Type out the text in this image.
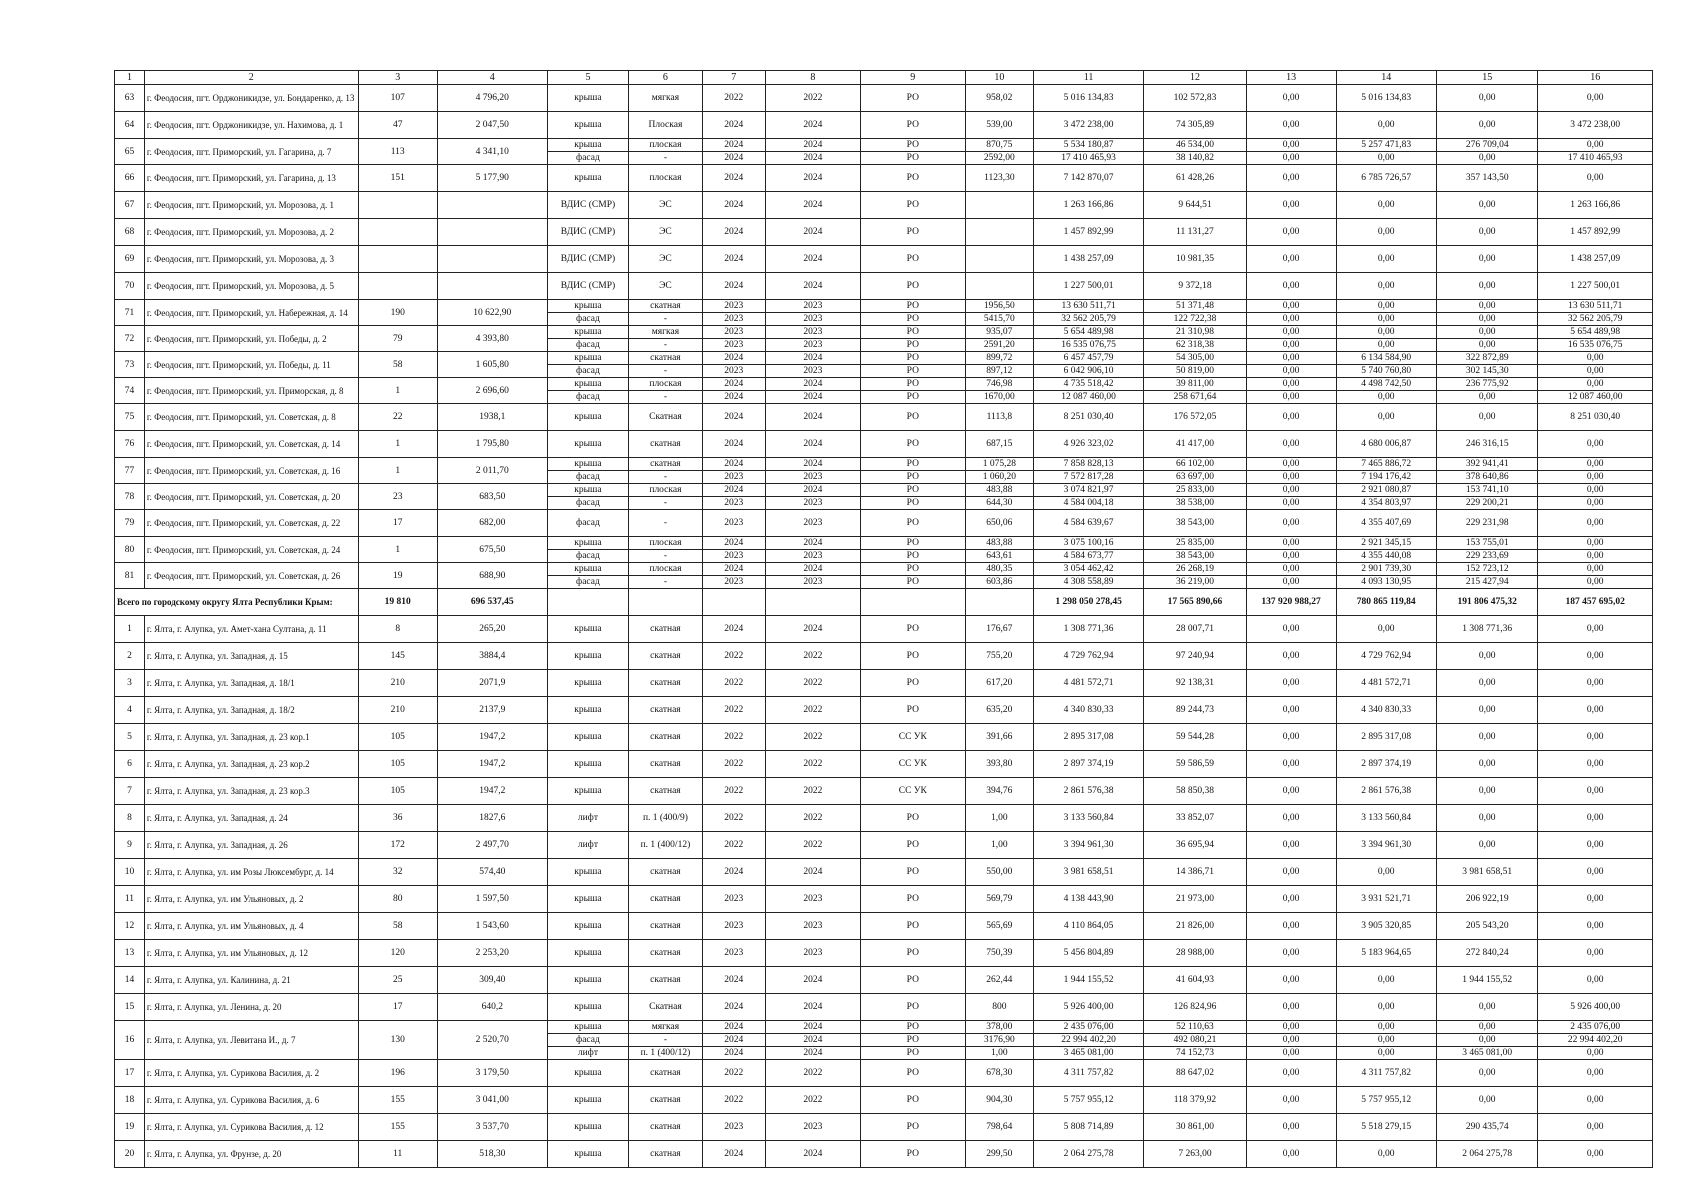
1	2	3	4	5	6	7	8	9	10	11	12	13	14	15	16
63	г. Феодосия, пгт. Орджоникидзе, ул. Бондаренко, д. 13	107	4 796,20	крыша	мягкая	2022	2022	РО	958,02	5 016 134,83	102 572,83	0,00	5 016 134,83	0,00	0,00
64	г. Феодосия, пгт. Орджоникидзе, ул. Нахимова, д. 1	47	2 047,50	крыша	Плоская	2024	2024	РО	539,00	3 472 238,00	74 305,89	0,00	0,00	0,00	3 472 238,00
65	г. Феодосия, пгт. Приморский, ул. Гагарина, д. 7	113	4 341,10	крыша	плоская	2024	2024	РО	870,75	5 534 180,87	46 534,00	0,00	5 257 471,83	276 709,04	0,00
				фасад	-	2024	2024	РО	2592,00	17 410 465,93	38 140,82	0,00	0,00	0,00	17 410 465,93
66	г. Феодосия, пгт. Приморский, ул. Гагарина, д. 13	151	5 177,90	крыша	плоская	2024	2024	РО	1123,30	7 142 870,07	61 428,26	0,00	6 785 726,57	357 143,50	0,00
67	г. Феодосия, пгт. Приморский, ул. Морозова, д. 1			ВДИС (СМР)	ЭС	2024	2024	РО		1 263 166,86	9 644,51	0,00	0,00	0,00	1 263 166,86
68	г. Феодосия, пгт. Приморский, ул. Морозова, д. 2			ВДИС (СМР)	ЭС	2024	2024	РО		1 457 892,99	11 131,27	0,00	0,00	0,00	1 457 892,99
69	г. Феодосия, пгт. Приморский, ул. Морозова, д. 3			ВДИС (СМР)	ЭС	2024	2024	РО		1 438 257,09	10 981,35	0,00	0,00	0,00	1 438 257,09
70	г. Феодосия, пгт. Приморский, ул. Морозова, д. 5			ВДИС (СМР)	ЭС	2024	2024	РО		1 227 500,01	9 372,18	0,00	0,00	0,00	1 227 500,01
71	г. Феодосия, пгт. Приморский, ул. Набережная, д. 14	190	10 622,90	крыша	скатная	2023	2023	РО	1956,50	13 630 511,71	51 371,48	0,00	0,00	0,00	13 630 511,71
				фасад	-	2023	2023	РО	5415,70	32 562 205,79	122 722,38	0,00	0,00	0,00	32 562 205,79
72	г. Феодосия, пгт. Приморский, ул. Победы, д. 2	79	4 393,80	крыша	мягкая	2023	2023	РО	935,07	5 654 489,98	21 310,98	0,00	0,00	0,00	5 654 489,98
				фасад	-	2023	2023	РО	2591,20	16 535 076,75	62 318,38	0,00	0,00	0,00	16 535 076,75
73	г. Феодосия, пгт. Приморский, ул. Победы, д. 11	58	1 605,80	крыша	скатная	2024	2024	РО	899,72	6 457 457,79	54 305,00	0,00	6 134 584,90	322 872,89	0,00
				фасад	-	2023	2023	РО	897,12	6 042 906,10	50 819,00	0,00	5 740 760,80	302 145,30	0,00
74	г. Феодосия, пгт. Приморский, ул. Приморская, д. 8	1	2 696,60	крыша	плоская	2024	2024	РО	746,98	4 735 518,42	39 811,00	0,00	4 498 742,50	236 775,92	0,00
				фасад	-	2024	2024	РО	1670,00	12 087 460,00	258 671,64	0,00	0,00	0,00	12 087 460,00
75	г. Феодосия, пгт. Приморский, ул. Советская, д. 8	22	1938,1	крыша	Скатная	2024	2024	РО	1113,8	8 251 030,40	176 572,05	0,00	0,00	0,00	8 251 030,40
76	г. Феодосия, пгт. Приморский, ул. Советская, д. 14	1	1 795,80	крыша	скатная	2024	2024	РО	687,15	4 926 323,02	41 417,00	0,00	4 680 006,87	246 316,15	0,00
77	г. Феодосия, пгт. Приморский, ул. Советская, д. 16	1	2 011,70	крыша	скатная	2024	2024	РО	1 075,28	7 858 828,13	66 102,00	0,00	7 465 886,72	392 941,41	0,00
				фасад	-	2023	2023	РО	1 060,20	7 572 817,28	63 697,00	0,00	7 194 176,42	378 640,86	0,00
78	г. Феодосия, пгт. Приморский, ул. Советская, д. 20	23	683,50	крыша	плоская	2024	2024	РО	483,88	3 074 821,97	25 833,00	0,00	2 921 080,87	153 741,10	0,00
				фасад	-	2023	2023	РО	644,30	4 584 004,18	38 538,00	0,00	4 354 803,97	229 200,21	0,00
79	г. Феодосия, пгт. Приморский, ул. Советская, д. 22	17	682,00	фасад	-	2023	2023	РО	650,06	4 584 639,67	38 543,00	0,00	4 355 407,69	229 231,98	0,00
80	г. Феодосия, пгт. Приморский, ул. Советская, д. 24	1	675,50	крыша	плоская	2024	2024	РО	483,88	3 075 100,16	25 835,00	0,00	2 921 345,15	153 755,01	0,00
				фасад	-	2023	2023	РО	643,61	4 584 673,77	38 543,00	0,00	4 355 440,08	229 233,69	0,00
81	г. Феодосия, пгт. Приморский, ул. Советская, д. 26	19	688,90	крыша	плоская	2024	2024	РО	480,35	3 054 462,42	26 268,19	0,00	2 901 739,30	152 723,12	0,00
				фасад	-	2023	2023	РО	603,86	4 308 558,89	36 219,00	0,00	4 093 130,95	215 427,94	0,00
Всего по городскому округу Ялта Республики Крым:		19 810	696 537,45							1 298 050 278,45	17 565 890,66	137 920 988,27	780 865 119,84	191 806 475,32	187 457 695,02
1	г. Ялта, г. Алупка, ул. Амет-хана Султана, д. 11	8	265,20	крыша	скатная	2024	2024	РО	176,67	1 308 771,36	28 007,71	0,00	0,00	1 308 771,36	0,00
2	г. Ялта, г. Алупка, ул. Западная, д. 15	145	3884,4	крыша	скатная	2022	2022	РО	755,20	4 729 762,94	97 240,94	0,00	4 729 762,94	0,00	0,00
3	г. Ялта, г. Алупка, ул. Западная, д. 18/1	210	2071,9	крыша	скатная	2022	2022	РО	617,20	4 481 572,71	92 138,31	0,00	4 481 572,71	0,00	0,00
4	г. Ялта, г. Алупка, ул. Западная, д. 18/2	210	2137,9	крыша	скатная	2022	2022	РО	635,20	4 340 830,33	89 244,73	0,00	4 340 830,33	0,00	0,00
5	г. Ялта, г. Алупка, ул. Западная, д. 23 кор.1	105	1947,2	крыша	скатная	2022	2022	СС УК	391,66	2 895 317,08	59 544,28	0,00	2 895 317,08	0,00	0,00
6	г. Ялта, г. Алупка, ул. Западная, д. 23 кор.2	105	1947,2	крыша	скатная	2022	2022	СС УК	393,80	2 897 374,19	59 586,59	0,00	2 897 374,19	0,00	0,00
7	г. Ялта, г. Алупка, ул. Западная, д. 23 кор.3	105	1947,2	крыша	скатная	2022	2022	СС УК	394,76	2 861 576,38	58 850,38	0,00	2 861 576,38	0,00	0,00
8	г. Ялта, г. Алупка, ул. Западная, д. 24	36	1827,6	лифт	п. 1 (400/9)	2022	2022	РО	1,00	3 133 560,84	33 852,07	0,00	3 133 560,84	0,00	0,00
9	г. Ялта, г. Алупка, ул. Западная, д. 26	172	2 497,70	лифт	п. 1 (400/12)	2022	2022	РО	1,00	3 394 961,30	36 695,94	0,00	3 394 961,30	0,00	0,00
10	г. Ялта, г. Алупка, ул. им Розы Люксембург, д. 14	32	574,40	крыша	скатная	2024	2024	РО	550,00	3 981 658,51	14 386,71	0,00	0,00	3 981 658,51	0,00
11	г. Ялта, г. Алупка, ул. им Ульяновых, д. 2	80	1 597,50	крыша	скатная	2023	2023	РО	569,79	4 138 443,90	21 973,00	0,00	3 931 521,71	206 922,19	0,00
12	г. Ялта, г. Алупка, ул. им Ульяновых, д. 4	58	1 543,60	крыша	скатная	2023	2023	РО	565,69	4 110 864,05	21 826,00	0,00	3 905 320,85	205 543,20	0,00
13	г. Ялта, г. Алупка, ул. им Ульяновых, д. 12	120	2 253,20	крыша	скатная	2023	2023	РО	750,39	5 456 804,89	28 988,00	0,00	5 183 964,65	272 840,24	0,00
14	г. Ялта, г. Алупка, ул. Калинина, д. 21	25	309,40	крыша	скатная	2024	2024	РО	262,44	1 944 155,52	41 604,93	0,00	0,00	1 944 155,52	0,00
15	г. Ялта, г. Алупка, ул. Ленина, д. 20	17	640,2	крыша	Скатная	2024	2024	РО	800	5 926 400,00	126 824,96	0,00	0,00	0,00	5 926 400,00
16	г. Ялта, г. Алупка, ул. Левитана И., д. 7	130	2 520,70	крыша	мягкая	2024	2024	РО	378,00	2 435 076,00	52 110,63	0,00	0,00	0,00	2 435 076,00
				фасад	-	2024	2024	РО	3176,90	22 994 402,20	492 080,21	0,00	0,00	0,00	22 994 402,20
				лифт	п. 1 (400/12)	2024	2024	РО	1,00	3 465 081,00	74 152,73	0,00	0,00	3 465 081,00	0,00
17	г. Ялта, г. Алупка, ул. Сурикова Василия, д. 2	196	3 179,50	крыша	скатная	2022	2022	РО	678,30	4 311 757,82	88 647,02	0,00	4 311 757,82	0,00	0,00
18	г. Ялта, г. Алупка, ул. Сурикова Василия, д. 6	155	3 041,00	крыша	скатная	2022	2022	РО	904,30	5 757 955,12	118 379,92	0,00	5 757 955,12	0,00	0,00
19	г. Ялта, г. Алупка, ул. Сурикова Василия, д. 12	155	3 537,70	крыша	скатная	2023	2023	РО	798,64	5 808 714,89	30 861,00	0,00	5 518 279,15	290 435,74	0,00
20	г. Ялта, г. Алупка, ул. Фрунзе, д. 20	11	518,30	крыша	скатная	2024	2024	РО	299,50	2 064 275,78	7 263,00	0,00	0,00	2 064 275,78	0,00
